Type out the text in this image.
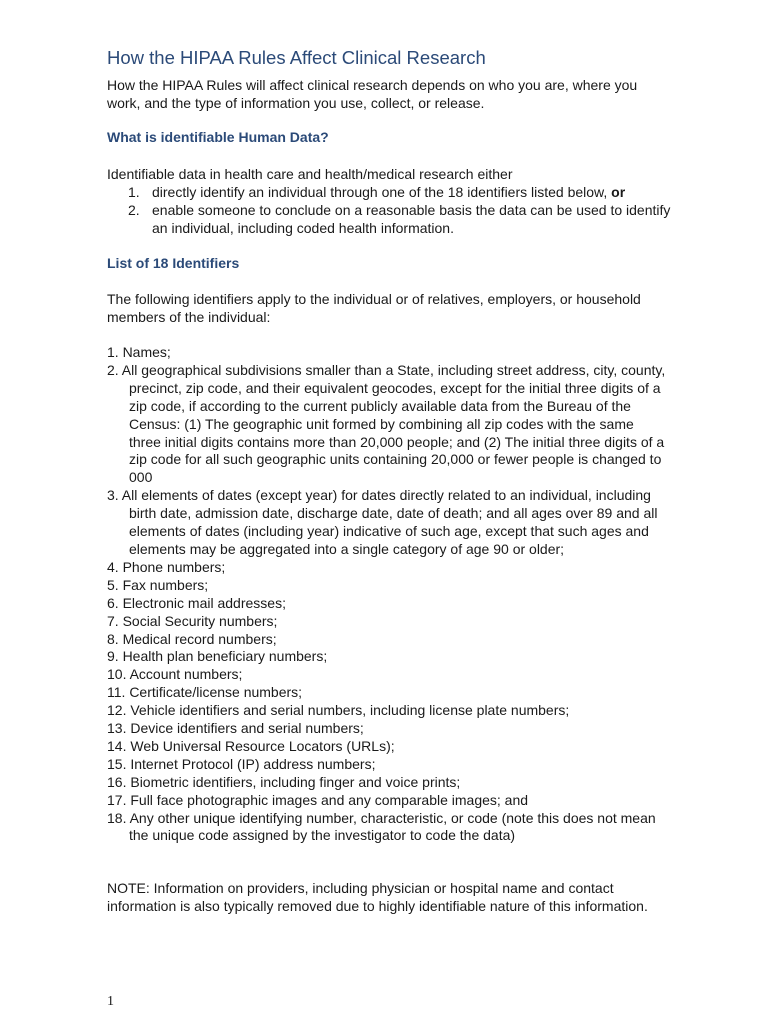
How the HIPAA Rules Affect Clinical Research
How the HIPAA Rules will affect clinical research depends on who you are, where you work, and the type of information you use, collect, or release.
What is identifiable Human Data?
Identifiable data in health care and health/medical research either
1. directly identify an individual through one of the 18 identifiers listed below, or
2. enable someone to conclude on a reasonable basis the data can be used to identify an individual, including coded health information.
List of 18 Identifiers
The following identifiers apply to the individual or of relatives, employers, or household members of the individual:
1. Names;
2. All geographical subdivisions smaller than a State, including street address, city, county, precinct, zip code, and their equivalent geocodes, except for the initial three digits of a zip code, if according to the current publicly available data from the Bureau of the Census: (1) The geographic unit formed by combining all zip codes with the same three initial digits contains more than 20,000 people; and (2) The initial three digits of a zip code for all such geographic units containing 20,000 or fewer people is changed to 000
3. All elements of dates (except year) for dates directly related to an individual, including birth date, admission date, discharge date, date of death; and all ages over 89 and all elements of dates (including year) indicative of such age, except that such ages and elements may be aggregated into a single category of age 90 or older;
4. Phone numbers;
5. Fax numbers;
6. Electronic mail addresses;
7. Social Security numbers;
8. Medical record numbers;
9. Health plan beneficiary numbers;
10. Account numbers;
11. Certificate/license numbers;
12. Vehicle identifiers and serial numbers, including license plate numbers;
13. Device identifiers and serial numbers;
14. Web Universal Resource Locators (URLs);
15. Internet Protocol (IP) address numbers;
16. Biometric identifiers, including finger and voice prints;
17. Full face photographic images and any comparable images; and
18. Any other unique identifying number, characteristic, or code (note this does not mean the unique code assigned by the investigator to code the data)
NOTE: Information on providers, including physician or hospital name and contact information is also typically removed due to highly identifiable nature of this information.
1
